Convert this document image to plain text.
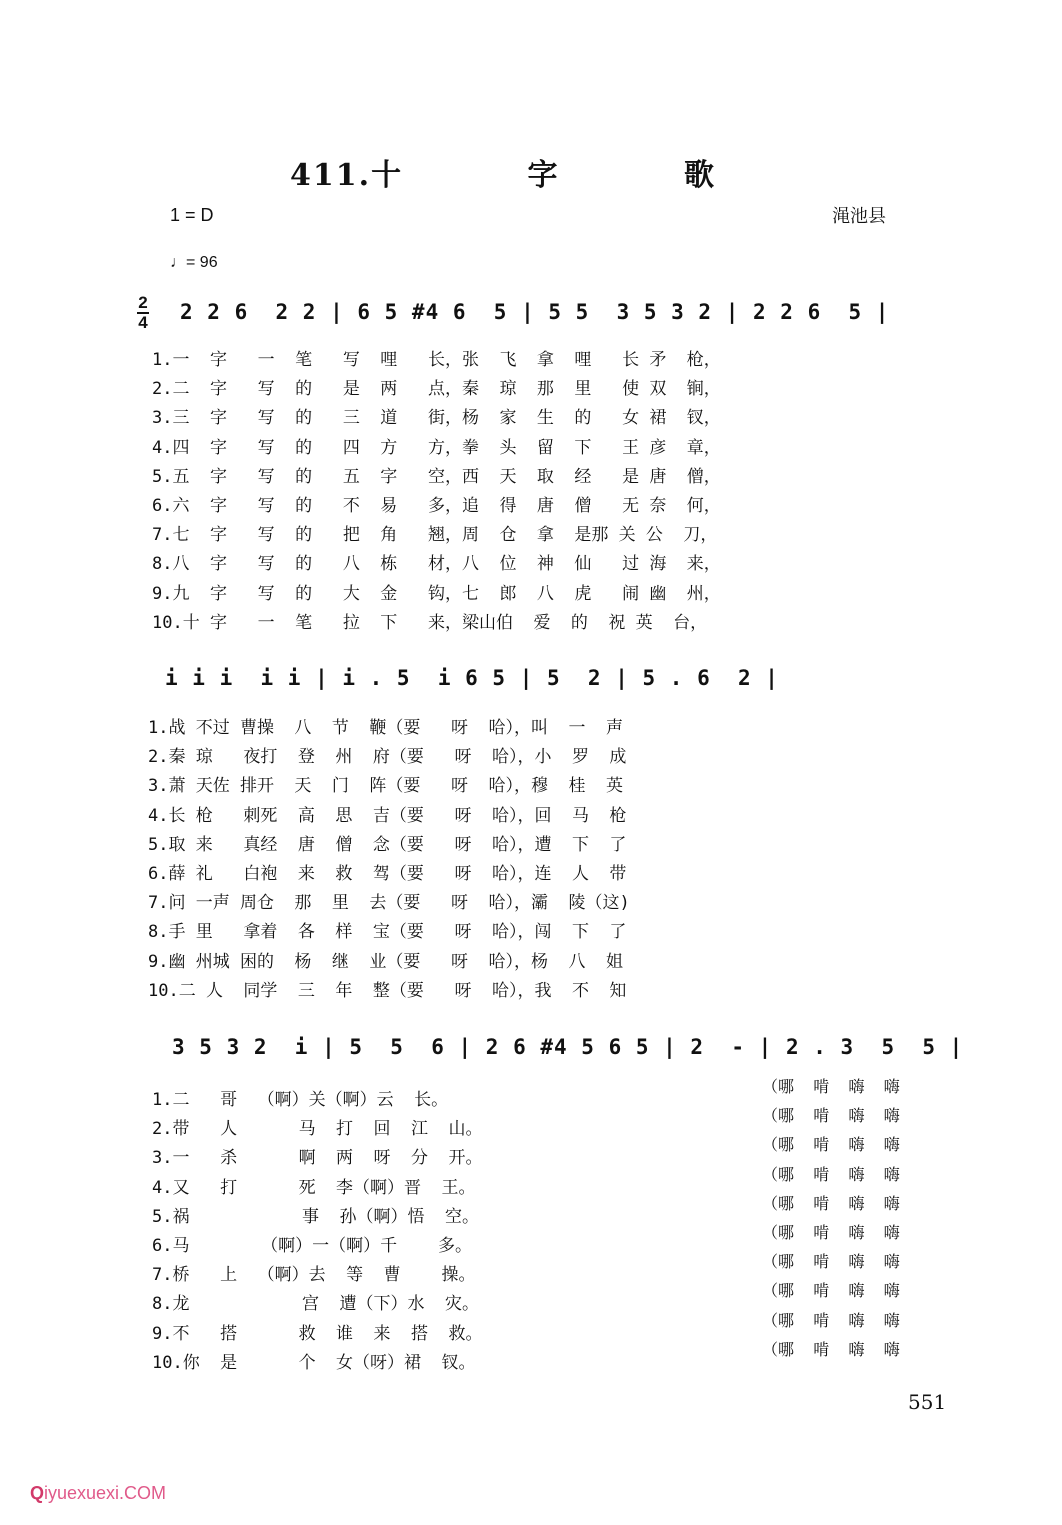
411.十 字 歌
1 = D	渑池县
♩= 96
2
4 2 2 6  2 2 | 6 5 #4 6  5 | 5 5  3 5 3 2 | 2 2 6  5 |
1.一  字   一  笔   写  哩   长，张  飞  拿  哩   长 矛  枪，
2.二  字   写  的   是  两   点，秦  琼  那  里   使 双  锏，
3.三  字   写  的   三  道   街，杨  家  生  的   女 裙  钗，
4.四  字   写  的   四  方   方，拳  头  留  下   王 彦  章，
5.五  字   写  的   五  字   空，西  天  取  经   是 唐  僧，
6.六  字   写  的   不  易   多，追  得  唐  僧   无 奈  何，
7.七  字   写  的   把  角   翘，周  仓  拿  是那 关 公  刀，
8.八  字   写  的   八  栋   材，八  位  神  仙   过 海  来，
9.九  字   写  的   大  金   钩，七  郎  八  虎   闹 幽  州，
10.十 字   一  笔   拉  下   来，梁山伯  爱  的  祝 英  台，
i i i  i i | i . 5  i 6 5 | 5  2 | 5 . 6  2 |
1.战 不过 曹操  八  节  鞭（要   呀  哈），叫  一  声
2.秦 琼   夜打  登  州  府（要   呀  哈），小  罗  成
3.萧 天佐 排开  天  门  阵（要   呀  哈），穆  桂  英
4.长 枪   刺死  高  思  吉（要   呀  哈），回  马  枪
5.取 来   真经  唐  僧  念（要   呀  哈），遭  下  了
6.薛 礼   白袍  来  救  驾（要   呀  哈），连  人  带
7.问 一声 周仓  那  里  去（要   呀  哈），灞  陵（这)
8.手 里   拿着  各  样  宝（要   呀  哈），闯  下  了
9.幽 州城 困的  杨  继  业（要   呀  哈），杨  八  姐
10.二 人  同学  三  年  整（要   呀  哈），我  不  知
3 5 3 2  i | 5  5  6 | 2 6 #4 5 6 5 | 2  - | 2 . 3  5  5 |
1.二   哥  （啊）关（啊）云  长。
2.带   人      马  打  回  江  山。
3.一   杀      啊  两  呀  分  开。
4.又   打      死  李（啊）晋  王。
5.祸           事  孙（啊）悟  空。
6.马       （啊）一（啊）千    多。
7.桥   上  （啊）去  等  曹    操。
8.龙           宫  遭（下）水  灾。
9.不   搭      救  谁  来  搭  救。
10.你  是      个  女（呀）裙  钗。
（哪  啃  嗨  嗨
（哪  啃  嗨  嗨
（哪  啃  嗨  嗨
（哪  啃  嗨  嗨
（哪  啃  嗨  嗨
（哪  啃  嗨  嗨
（哪  啃  嗨  嗨
（哪  啃  嗨  嗨
（哪  啃  嗨  嗨
（哪  啃  嗨  嗨
551
Qiyuexuexi.COM
